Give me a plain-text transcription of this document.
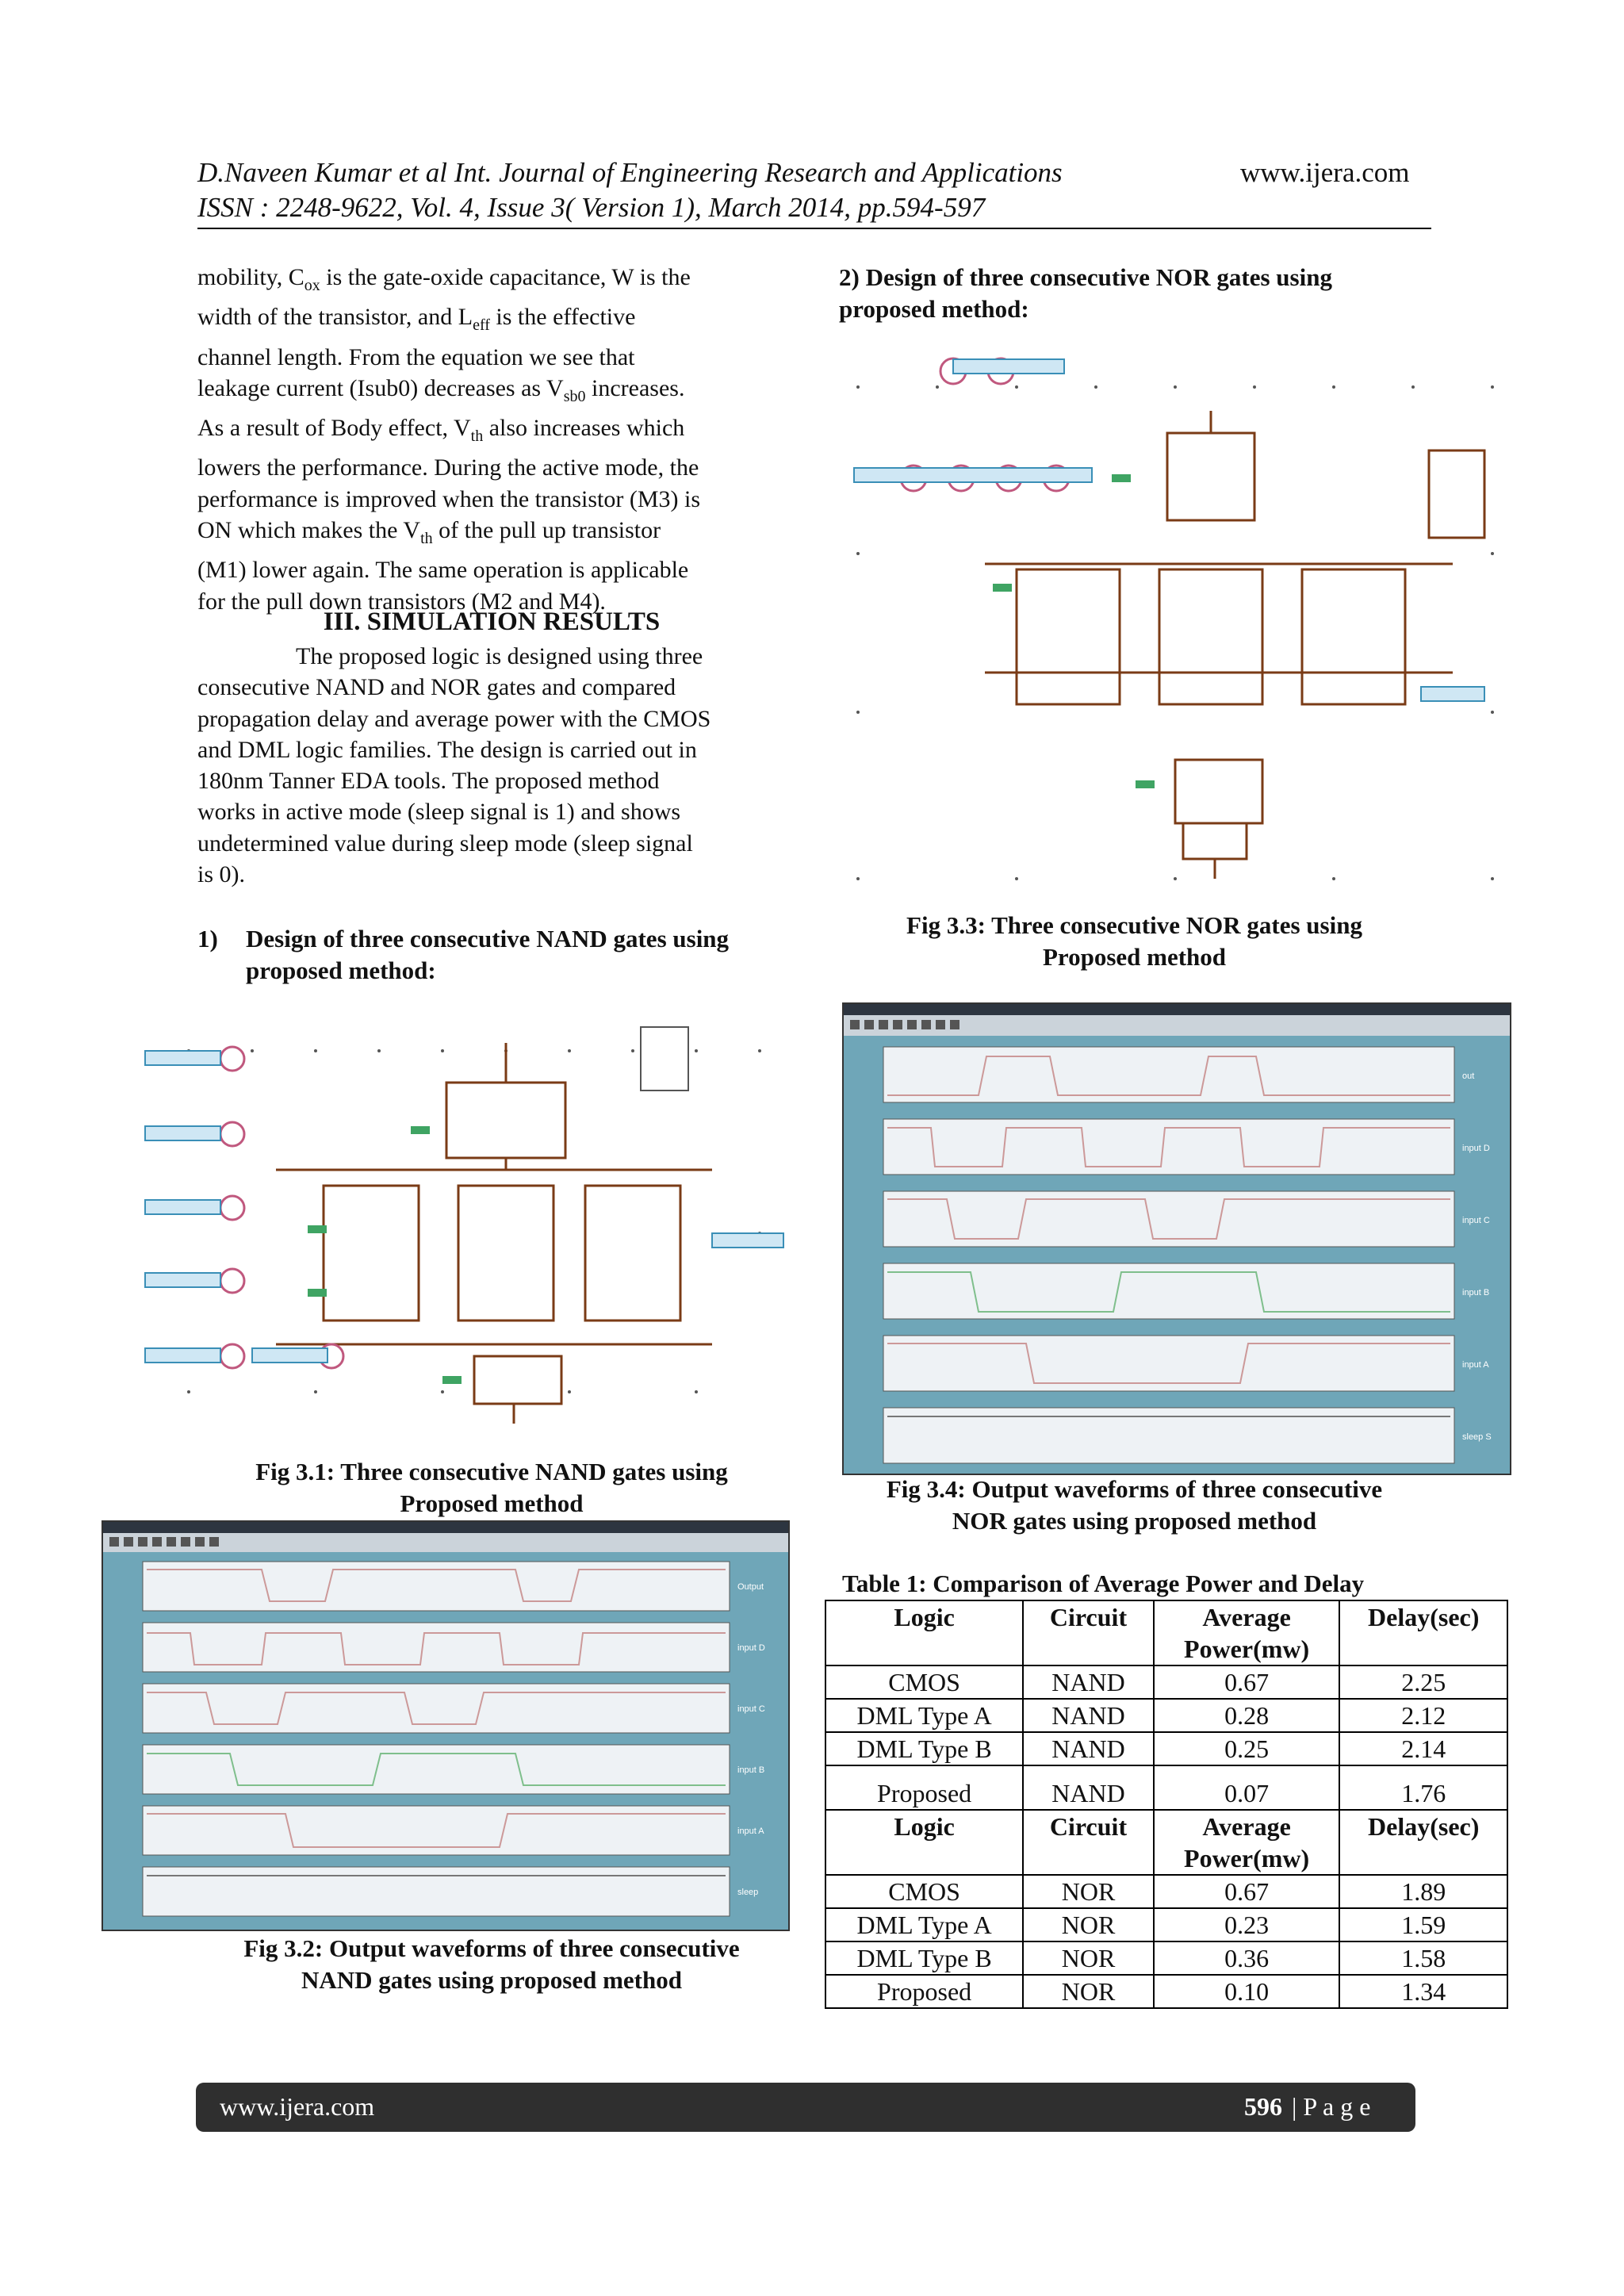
D.Naveen Kumar et al Int. Journal of Engineering Research and Applications	www.ijera.com
ISSN : 2248-9622, Vol. 4, Issue 3( Version 1), March 2014, pp.594-597
mobility, $C_{ox}$ is the gate-oxide capacitance, W is the
width of the transistor, and $L_{eff}$ is the effective
channel length. From the equation we see that
leakage current (Isub0) decreases as $V_{sb0}$ increases.
As a result of Body effect, $V_{th}$ also increases which
lowers the performance. During the active mode, the
performance is improved when the transistor (M3) is
ON which makes the $V_{th}$ of the pull up transistor
(M1) lower again. The same operation is applicable
for the pull down transistors (M2 and M4).
III. SIMULATION RESULTS
The proposed logic is designed using three
consecutive NAND and NOR gates and compared
propagation delay and average power with the CMOS
and DML logic families. The design is carried out in
180nm Tanner EDA tools. The proposed method
works in active mode (sleep signal is 1) and shows
undetermined value during sleep mode (sleep signal
is 0).
1) Design of three consecutive NAND gates using
proposed method:
Fig 3.1: Three consecutive NAND gates using
Proposed method
Output
input D
input C
input B
input A
sleep
Fig 3.2: Output waveforms of three consecutive
NAND gates using proposed method
2) Design of three consecutive NOR gates using
proposed method:
Fig 3.3: Three consecutive NOR gates using
Proposed method
out
input D
input C
input B
input A
sleep S
Fig 3.4: Output waveforms of three consecutive
NOR gates using proposed method
Table 1: Comparison of Average Power and Delay
Logic	Circuit	Average Power(mw)	Delay(sec)
CMOS	NAND	0.67	2.25
DML Type A	NAND	0.28	2.12
DML Type B	NAND	0.25	2.14
Proposed	NAND	0.07	1.76
Logic	Circuit	Average Power(mw)	Delay(sec)
CMOS	NOR	0.67	1.89
DML Type A	NOR	0.23	1.59
DML Type B	NOR	0.36	1.58
Proposed	NOR	0.10	1.34
www.ijera.com	596 | P a g e
